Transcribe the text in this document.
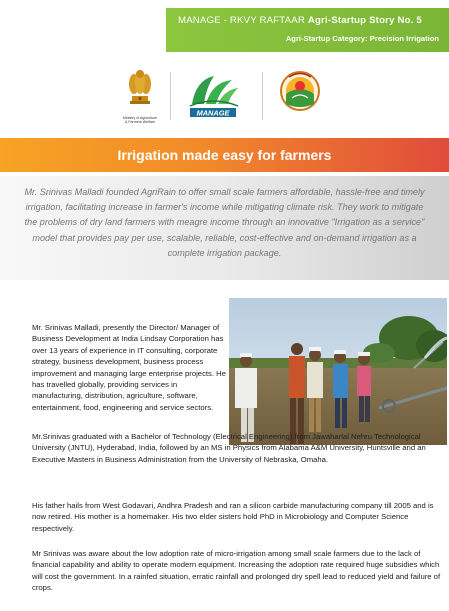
MANAGE - RKVY RAFTAAR Agri-Startup Story No. 5
Agri-Startup Category: Precision Irrigation
Ministry of Agriculture
& Farmers Welfare
MANAGE
Irrigation made easy for farmers
Mr. Srinivas Malladi founded AgriRain to offer small scale farmers affordable, hassle-free and timely irrigation, facilitating increase in farmer's income while mitigating climate risk. They work to mitigate the problems of dry land farmers with meagre income through an innovative "Irrigation as a service" model that provides pay per use, scalable, reliable, cost-effective and on-demand irrigation as a complete irrigation package.
Mr. Srinivas Malladi, presently the Director/ Manager of Business Development at India Lindsay Corporation has over 13 years of experience in IT consulting, corporate strategy, business development, business process improvement and managing large enterprise projects. He has travelled globally, providing services in manufacturing, distribution, agriculture, software, entertainment, food, engineering and service sectors.
Mr.Srinivas graduated with a Bachelor of Technology (Electrical Engineering) from Jawaharlal Nehru Technological University (JNTU), Hyderabad, India, followed by an MS in Physics from Alabama A&M University, Huntsville and an Executive Masters in Business Administration from the University of Nebraska, Omaha.
His father hails from West Godavari, Andhra Pradesh and ran a silicon carbide manufacturing company till 2005 and is now retired. His mother is a homemaker. His two elder sisters hold PhD in Microbiology and Computer Science respectively.
Mr Srinivas was aware about the low adoption rate of micro-irrigation among small scale farmers due to the lack of financial capability and ability to operate modern equipment. Increasing the adoption rate required huge subsidies which will cost the government. In a rainfed situation, erratic rainfall and prolonged dry spell lead to reduced yield and failure of crops.
